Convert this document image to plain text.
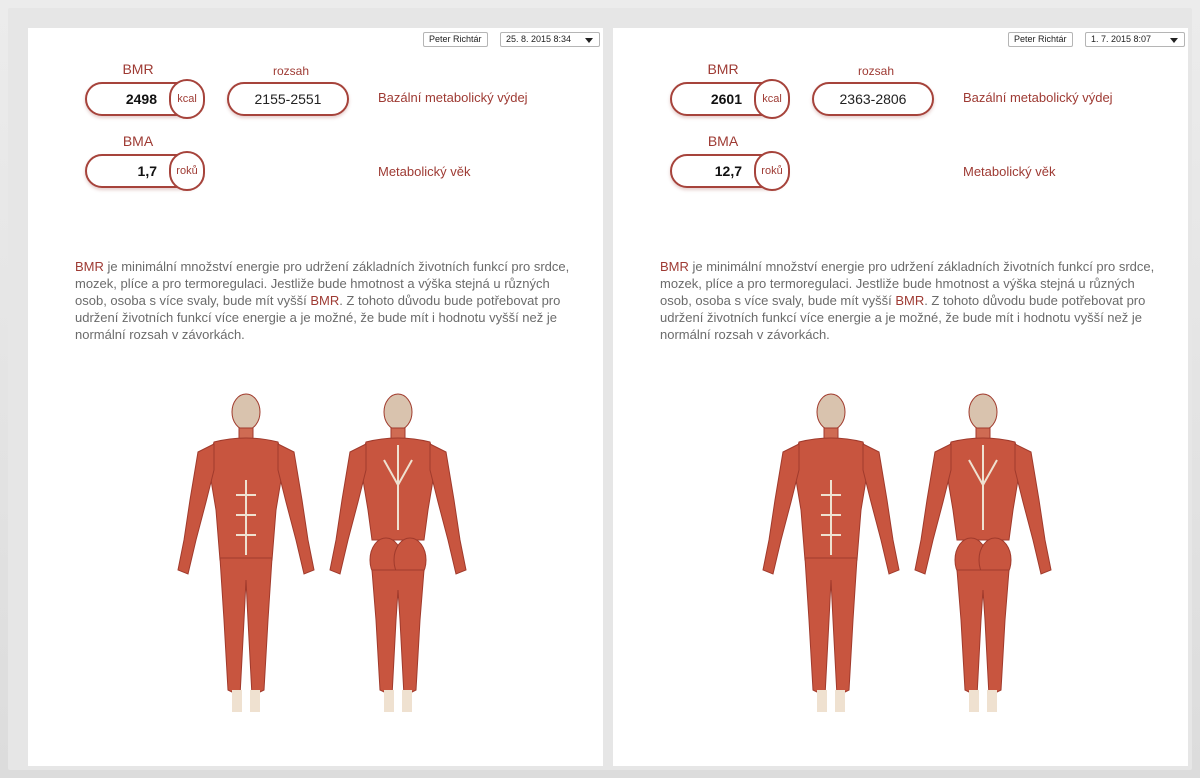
Peter Richtár	25. 8. 2015 8:34
BMR	rozsah
2498	kcal	2155-2551	Bazální metabolický výdej
BMA
1,7	roků	Metabolický věk
BMR je minimální množství energie pro udržení základních životních funkcí pro srdce, mozek, plíce a pro termoregulaci. Jestliže bude hmotnost a výška stejná u různých osob, osoba s více svaly, bude mít vyšší BMR. Z tohoto důvodu bude potřebovat pro udržení životních funkcí více energie a je možné, že bude mít i hodnotu vyšší než je normální rozsah v závorkách.
Peter Richtár	1. 7. 2015 8:07
BMR	rozsah
2601	kcal	2363-2806	Bazální metabolický výdej
BMA
12,7	roků	Metabolický věk
BMR je minimální množství energie pro udržení základních životních funkcí pro srdce, mozek, plíce a pro termoregulaci. Jestliže bude hmotnost a výška stejná u různých osob, osoba s více svaly, bude mít vyšší BMR. Z tohoto důvodu bude potřebovat pro udržení životních funkcí více energie a je možné, že bude mít i hodnotu vyšší než je normální rozsah v závorkách.
